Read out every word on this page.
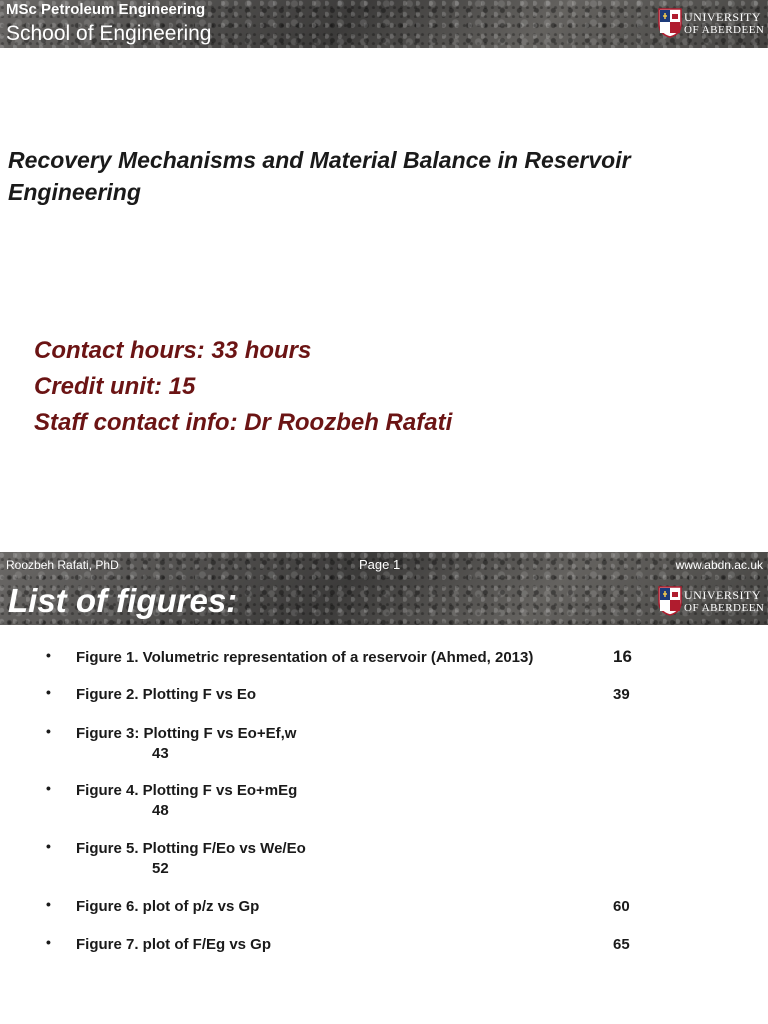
MSc Petroleum Engineering
School of Engineering
UNIVERSITY
OF ABERDEEN
Recovery Mechanisms and Material Balance in Reservoir Engineering
Contact hours: 33 hours
Credit unit: 15
Staff contact info: Dr Roozbeh Rafati
Roozbeh Rafati, PhD	Page 1	www.abdn.ac.uk
List of figures:	UNIVERSITY
OF ABERDEEN
• Figure 1. Volumetric representation of a reservoir (Ahmed, 2013)	16
• Figure 2. Plotting F vs Eo	39
• Figure 3: Plotting F vs Eo+Ef,w
43
• Figure 4. Plotting F vs Eo+mEg
48
• Figure 5. Plotting F/Eo vs We/Eo
52
• Figure 6. plot of p/z vs Gp	60
• Figure 7. plot of F/Eg vs Gp	65
